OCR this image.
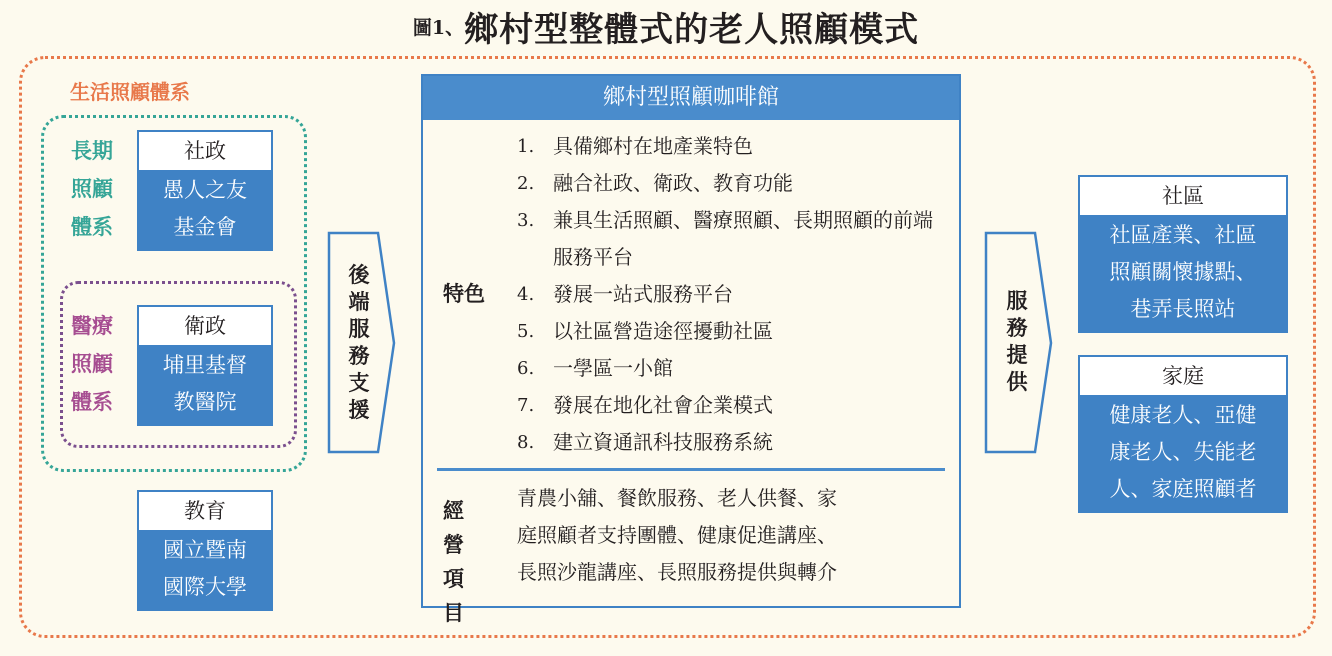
圖1、鄉村型整體式的老人照顧模式
生活照顧體系
長期
照顧
體系
社政
愚人之友
基金會
醫療
照顧
體系
衛政
埔里基督
教醫院
教育
國立暨南
國際大學
後
端
服
務
支
援
鄉村型照顧咖啡館
特色
1. 具備鄉村在地產業特色
2. 融合社政、衛政、教育功能
3. 兼具生活照顧、醫療照顧、長期照顧的前端服務平台
4. 發展一站式服務平台
5. 以社區營造途徑擾動社區
6. 一學區一小館
7. 發展在地化社會企業模式
8. 建立資通訊科技服務系統
經營
項目
青農小舖、餐飲服務、老人供餐、家
庭照顧者支持團體、健康促進講座、
長照沙龍講座、長照服務提供與轉介
服
務
提
供
社區
社區產業、社區
照顧關懷據點、
巷弄長照站
家庭
健康老人、亞健
康老人、失能老
人、家庭照顧者
